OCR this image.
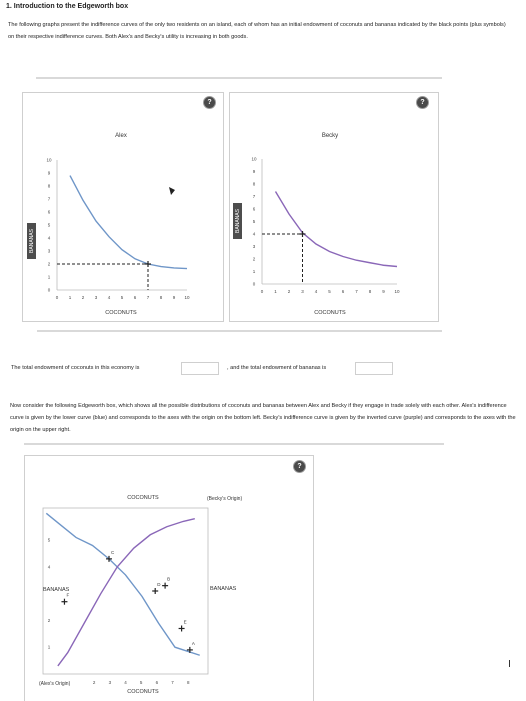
1. Introduction to the Edgeworth box
The following graphs present the indifference curves of the only two residents on an island, each of whom has an initial endowment of coconuts and bananas indicated by the black points (plus symbols) on their respective indifference curves. Both Alex's and Becky's utility is increasing in both goods.
?
Alex
COCONUTS
BANANAS
0 1 2 3 4 5 6 7 8 9 10
0
1
2
3
4
5
6
7
8
9
10
?
Becky
COCONUTS
BANANAS
0 1 2 3 4 5 6 7 8 9 10
0
1
2
3
4
5
6
7
8
9
10
The total endowment of coconuts in this economy is	, and the total endowment of bananas is
Now consider the following Edgeworth box, which shows all the possible distributions of coconuts and bananas between Alex and Becky if they engage in trade solely with each other. Alex's indifference curve is given by the lower curve (blue) and corresponds to the axes with the origin on the bottom left. Becky's indifference curve is given by the inverted curve (purple) and corresponds to the axes with the origin on the upper right.
?
COCONUTS	(Becky's Origin)
BANANAS	BANANAS
COCONUTS
(Alex's Origin)	2	3	4	5	6	7	8
1
2
4
5
C
D
B
E
A
F
